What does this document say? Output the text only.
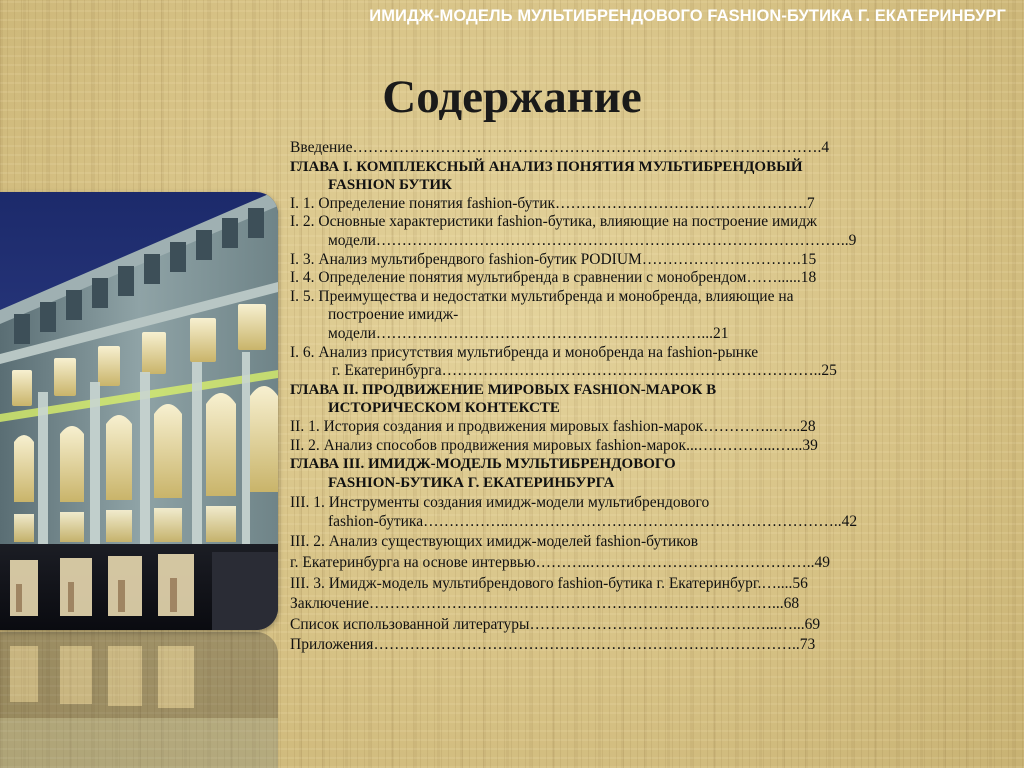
ИМИДЖ-МОДЕЛЬ МУЛЬТИБРЕНДОВОГО FASHION-БУТИКА Г. ЕКАТЕРИНБУРГ
Содержание
Введение……………………………………………………………………………….4
ГЛАВА I. КОМПЛЕКСНЫЙ АНАЛИЗ ПОНЯТИЯ МУЛЬТИБРЕНДОВЫЙ
FASHION БУТИК
I. 1. Определение понятия fashion-бутик………………………………………….7
I. 2. Основные характеристики fashion-бутика, влияющие на построение имидж
модели………………………………………………………………………………..9
I. 3. Анализ мультибрендвого fashion-бутик PODIUM………………………….15
I. 4. Определение понятия мультибренда в сравнении с монобрендом……......18
I. 5. Преимущества и недостатки мультибренда и монобренда, влияющие на
построение имидж-
модели………………………………………………………...21
I. 6. Анализ присутствия мультибренда и монобренда на fashion-рынке
г. Екатеринбурга………………………………………………………………..25
ГЛАВА II. ПРОДВИЖЕНИЕ МИРОВЫХ FASHION-МАРОК В
ИСТОРИЧЕСКОМ КОНТЕКСТЕ
II. 1. История создания и продвижения мировых fashion-марок…………..…...28
II. 2. Анализ способов продвижения мировых fashion-марок...….………...…...39
ГЛАВА III. ИМИДЖ-МОДЕЛЬ МУЛЬТИБРЕНДОВОГО
FASHION-БУТИКА Г. ЕКАТЕРИНБУРГА
III. 1. Инструменты создания имидж-модели мультибрендового
fashion-бутика……………..………………………………………………………..42
III. 2. Анализ существующих имидж-моделей fashion-бутиков
г. Екатеринбурга на основе интервью………..……………………………………..49
III. 3. Имидж-модель мультибрендового fashion-бутика г. Екатеринбург.…....56
Заключение……………………………………………………………………...68
Список использованной литературы…………………………………….…...…...69
Приложения………………………………………………………………………..73
